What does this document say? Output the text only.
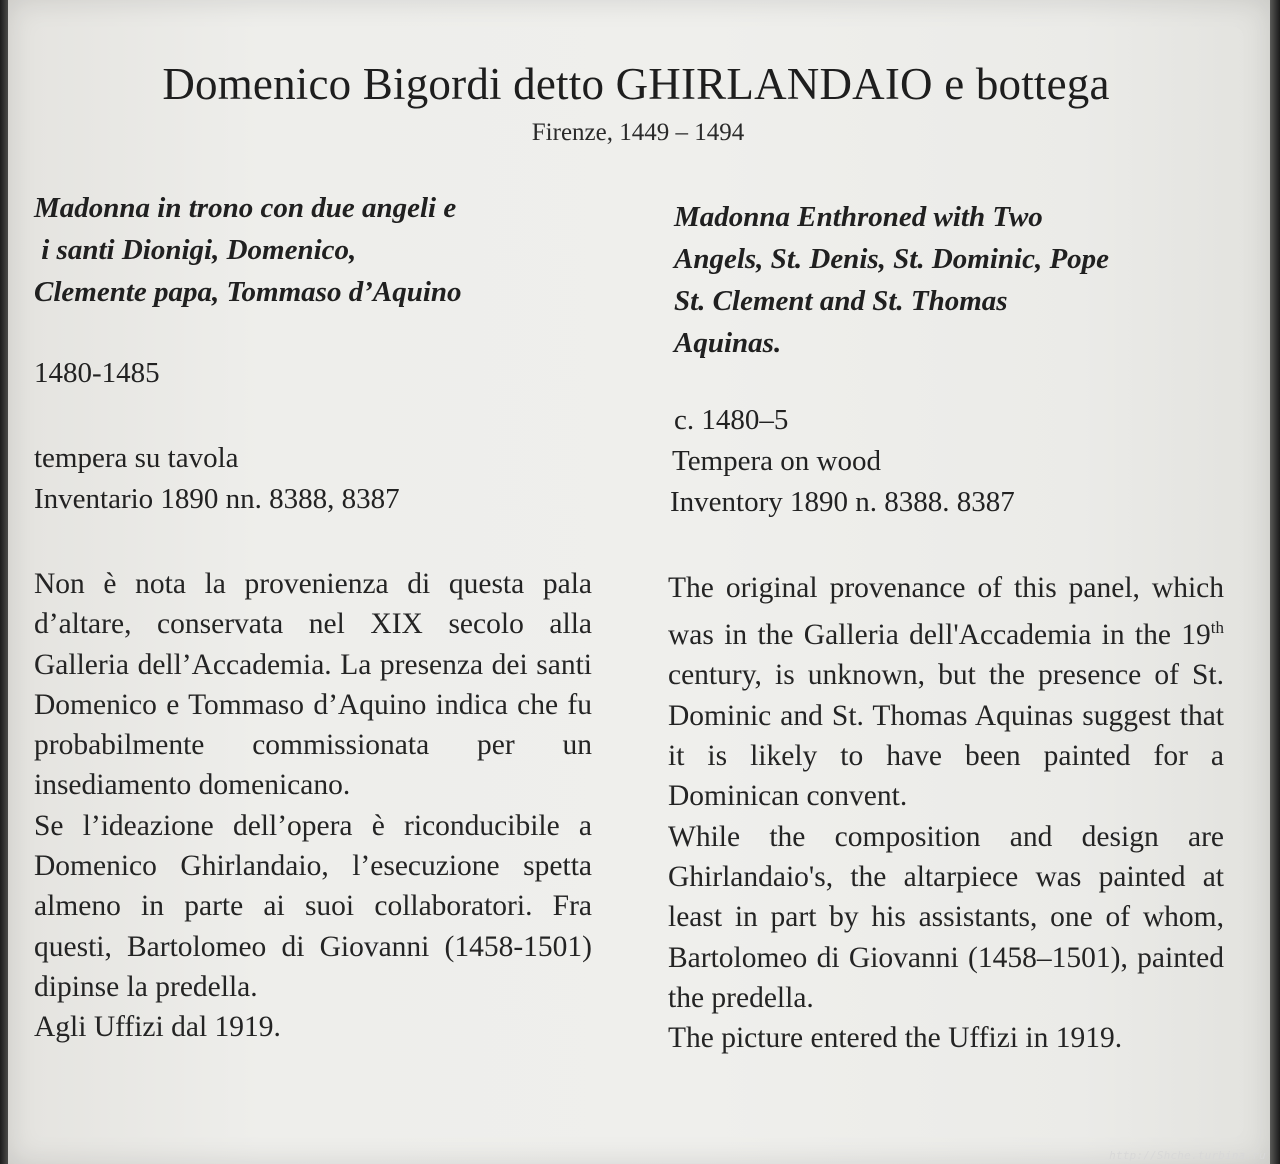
Domenico Bigordi detto GHIRLANDAIO e bottega
Firenze, 1449 – 1494
Madonna in trono con due angeli e
i santi Dionigi, Domenico,
Clemente papa, Tommaso d’Aquino
1480-1485
tempera su tavola
Inventario 1890 nn. 8388, 8387

Non è nota la provenienza di questa pala d’altare, conservata nel XIX secolo alla Galleria dell’Accademia. La presenza dei santi Domenico e Tommaso d’Aquino indica che fu probabilmente commissionata per un insediamento domenicano.

Se l’ideazione dell’opera è riconducibile a Domenico Ghirlandaio, l’esecuzione spetta almeno in parte ai suoi collaboratori. Fra questi, Bartolomeo di Giovanni (1458-1501) dipinse la predella.

Agli Uffizi dal 1919.

Madonna Enthroned with Two
Angels, St. Denis, St. Dominic, Pope
St. Clement and St. Thomas
Aquinas.
c. 1480–5
Tempera on wood
Inventory 1890 n. 8388. 8387

The original provenance of this panel, which was in the Galleria dell'Accademia in the 19th century, is unknown, but the presence of St. Dominic and St. Thomas Aquinas suggest that it is likely to have been painted for a Dominican convent.

While the composition and design are Ghirlandaio's, the altarpiece was painted at least in part by his assistants, one of whom, Bartolomeo di Giovanni (1458–1501), painted the predella.

The picture entered the Uffizi in 1919.

http://Shche.turbina.ru
